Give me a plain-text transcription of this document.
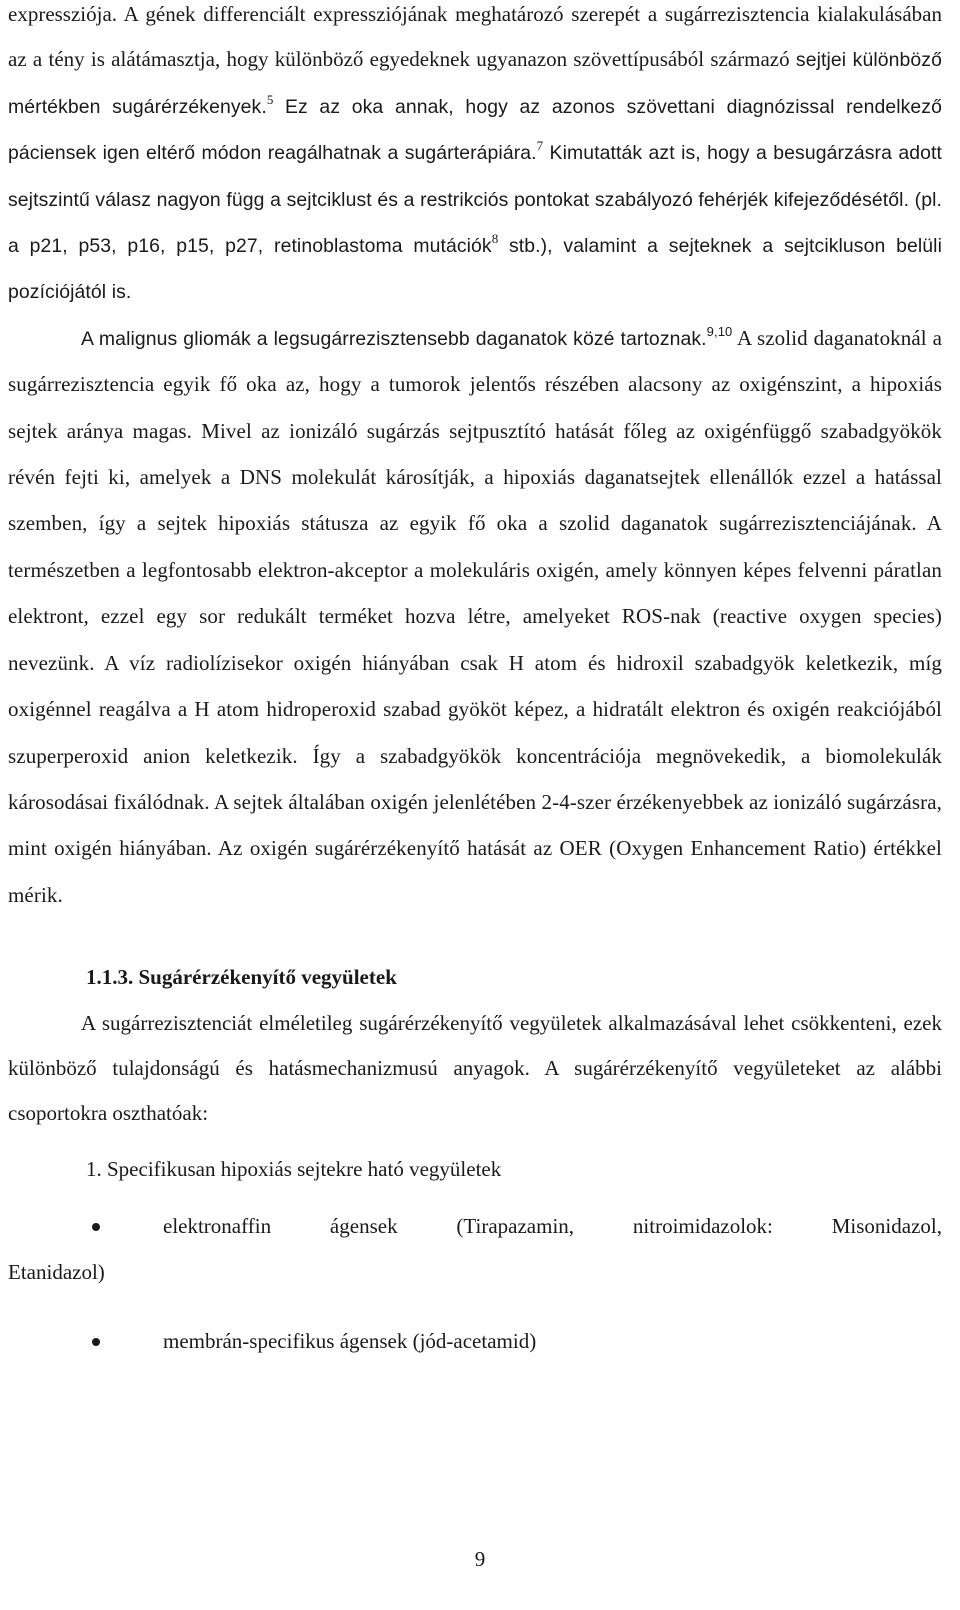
expressziója. A gének differenciált expressziójának meghatározó szerepét a sugárrezisztencia kialakulásában az a tény is alátámasztja, hogy különböző egyedeknek ugyanazon szövettípusából származó sejtjei különböző mértékben sugárérzékenyek.$^5$ Ez az oka annak, hogy az azonos szövettani diagnózissal rendelkező páciensek igen eltérő módon reagálhatnak a sugárterápiára.$^7$ Kimutatták azt is, hogy a besugárzásra adott sejtszintű válasz nagyon függ a sejtciklust és a restrikciós pontokat szabályozó fehérjék kifejeződésétől. (pl. a p21, p53, p16, p15, p27, retinoblastoma mutációk$^8$ stb.), valamint a sejteknek a sejtcikluson belüli pozíciójától is.

A malignus gliomák a legsugárrezisztensebb daganatok közé tartoznak.$^{9,10}$ A szolid daganatoknál a sugárrezisztencia egyik fő oka az, hogy a tumorok jelentős részében alacsony az oxigénszint, a hipoxiás sejtek aránya magas. Mivel az ionizáló sugárzás sejtpusztító hatását főleg az oxigénfüggő szabadgyökök révén fejti ki, amelyek a DNS molekulát károsítják, a hipoxiás daganatsejtek ellenállók ezzel a hatással szemben, így a sejtek hipoxiás státusza az egyik fő oka a szolid daganatok sugárrezisztenciájának. A természetben a legfontosabb elektron-akceptor a molekuláris oxigén, amely könnyen képes felvenni páratlan elektront, ezzel egy sor redukált terméket hozva létre, amelyeket ROS-nak (reactive oxygen species) nevezünk. A víz radiolízisekor oxigén hiányában csak H atom és hidroxil szabadgyök keletkezik, míg oxigénnel reagálva a H atom hidroperoxid szabad gyököt képez, a hidratált elektron és oxigén reakciójából szuperperoxid anion keletkezik. Így a szabadgyökök koncentrációja megnövekedik, a biomolekulák károsodásai fixálódnak. A sejtek általában oxigén jelenlétében 2-4-szer érzékenyebbek az ionizáló sugárzásra, mint oxigén hiányában. Az oxigén sugárérzékenyítő hatását az OER (Oxygen Enhancement Ratio) értékkel mérik.

1.1.3. Sugárérzékenyítő vegyületek

A sugárrezisztenciát elméletileg sugárérzékenyítő vegyületek alkalmazásával lehet csökkenteni, ezek különböző tulajdonságú és hatásmechanizmusú anyagok. A sugárérzékenyítő vegyületeket az alábbi csoportokra oszthatóak:

1. Specifikusan hipoxiás sejtekre ható vegyületek

elektronaffin ágensek (Tirapazamin, nitroimidazolok: Misonidazol,
Etanidazol)
membrán-specifikus ágensek (jód-acetamid)
9
